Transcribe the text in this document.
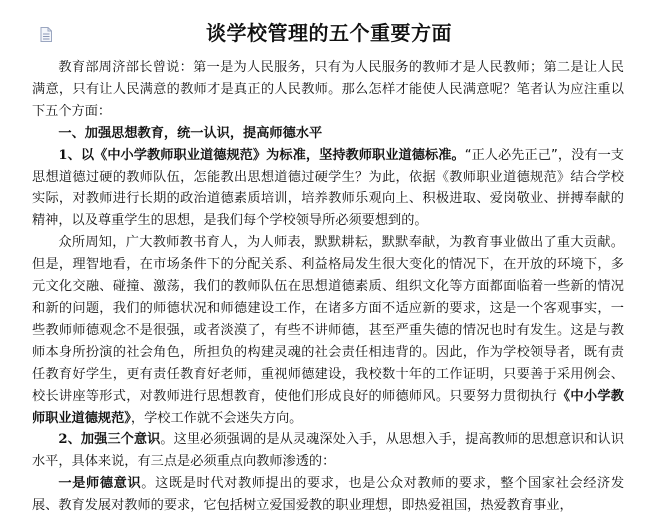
谈学校管理的五个重要方面

教育部周济部长曾说：第一是为人民服务，只有为人民服务的教师才是人民教师；第二是让人民满意，只有让人民满意的教师才是真正的人民教师。那么怎样才能使人民满意呢？笔者认为应注重以下五个方面：

一、加强思想教育，统一认识，提高师德水平

1、以《中小学教师职业道德规范》为标准，坚持教师职业道德标准。“正人必先正己”，没有一支思想道德过硬的教师队伍，怎能教出思想道德过硬学生？为此，依据《教师职业道德规范》结合学校实际，对教师进行长期的政治道德素质培训，培养教师乐观向上、积极进取、爱岗敬业、拼搏奉献的精神，以及尊重学生的思想，是我们每个学校领导所必须要想到的。

众所周知，广大教师教书育人，为人师表，默默耕耘，默默奉献，为教育事业做出了重大贡献。但是，理智地看，在市场条件下的分配关系、利益格局发生很大变化的情况下，在开放的环境下，多元文化交融、碰撞、激荡，我们的教师队伍在思想道德素质、组织文化等方面都面临着一些新的情况和新的问题，我们的师德状况和师德建设工作，在诸多方面不适应新的要求，这是一个客观事实，一些教师师德观念不是很强，或者淡漠了，有些不讲师德，甚至严重失德的情况也时有发生。这是与教师本身所扮演的社会角色，所担负的构建灵魂的社会责任相违背的。因此，作为学校领导者，既有责任教育好学生，更有责任教育好老师，重视师德建设，我校数十年的工作证明，只要善于采用例会、校长讲座等形式，对教师进行思想教育，使他们形成良好的师德师风。只要努力贯彻执行《中小学教师职业道德规范》，学校工作就不会迷失方向。

2、加强三个意识。这里必须强调的是从灵魂深处入手，从思想入手，提高教师的思想意识和认识水平，具体来说，有三点是必须重点向教师渗透的：

一是师德意识。这既是时代对教师提出的要求，也是公众对教师的要求，整个国家社会经济发展、教育发展对教师的要求，它包括树立爱国爱教的职业理想，即热爱祖国，热爱教育事业，
